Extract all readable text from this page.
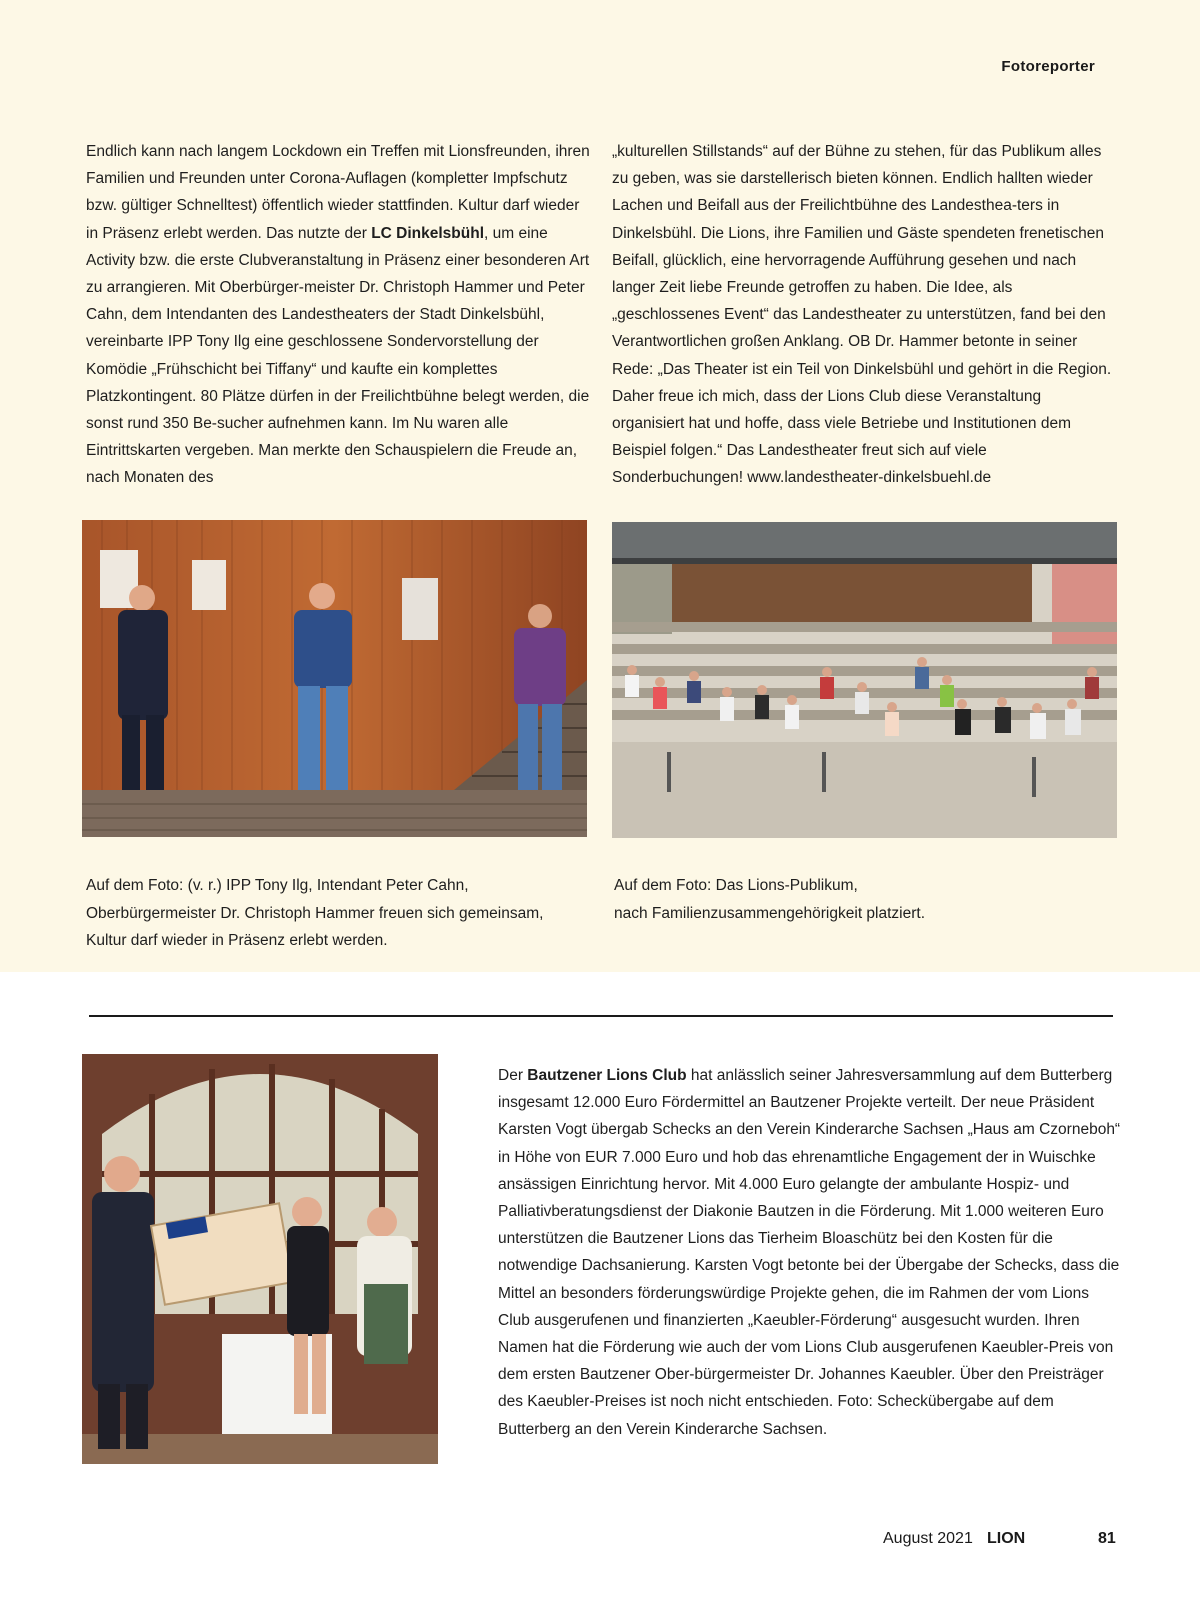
Fotoreporter

Endlich kann nach langem Lockdown ein Treffen mit Lionsfreunden, ihren Familien und Freunden unter Corona-Auflagen (kompletter Impfschutz bzw. gültiger Schnelltest) öffentlich wieder stattfinden. Kultur darf wieder in Präsenz erlebt werden. Das nutzte der LC Dinkelsbühl, um eine Activity bzw. die erste Clubveranstaltung in Präsenz einer besonderen Art zu arrangieren. Mit Oberbürger-meister Dr. Christoph Hammer und Peter Cahn, dem Intendanten des Landestheaters der Stadt Dinkelsbühl, vereinbarte IPP Tony Ilg eine geschlossene Sondervorstellung der Komödie „Frühschicht bei Tiffany“ und kaufte ein komplettes Platzkontingent. 80 Plätze dürfen in der Freilichtbühne belegt werden, die sonst rund 350 Be-sucher aufnehmen kann. Im Nu waren alle Eintrittskarten vergeben. Man merkte den Schauspielern die Freude an, nach Monaten des

„kulturellen Stillstands“ auf der Bühne zu stehen, für das Publikum alles zu geben, was sie darstellerisch bieten können. Endlich hallten wieder Lachen und Beifall aus der Freilichtbühne des Landesthea-ters in Dinkelsbühl. Die Lions, ihre Familien und Gäste spendeten frenetischen Beifall, glücklich, eine hervorragende Aufführung gesehen und nach langer Zeit liebe Freunde getroffen zu haben. Die Idee, als „geschlossenes Event“ das Landestheater zu unterstützen, fand bei den Verantwortlichen großen Anklang. OB Dr. Hammer betonte in seiner Rede: „Das Theater ist ein Teil von Dinkelsbühl und gehört in die Region. Daher freue ich mich, dass der Lions Club diese Veranstaltung organisiert hat und hoffe, dass viele Betriebe und Institutionen dem Beispiel folgen.“ Das Landestheater freut sich auf viele Sonderbuchungen! www.landestheater-dinkelsbuehl.de

Auf dem Foto: (v. r.) IPP Tony Ilg, Intendant Peter Cahn,

Oberbürgermeister Dr. Christoph Hammer freuen sich gemeinsam,

Kultur darf wieder in Präsenz erlebt werden.

Auf dem Foto: Das Lions-Publikum,

nach Familienzusammengehörigkeit platziert.

Der Bautzener Lions Club hat anlässlich seiner Jahresversammlung auf dem Butterberg insgesamt 12.000 Euro Fördermittel an Bautzener Projekte verteilt. Der neue Präsident Karsten Vogt übergab Schecks an den Verein Kinderarche Sachsen „Haus am Czorneboh“ in Höhe von EUR 7.000 Euro und hob das ehrenamtliche Engagement der in Wuischke ansässigen Einrichtung hervor. Mit 4.000 Euro gelangte der ambulante Hospiz- und Palliativberatungsdienst der Diakonie Bautzen in die Förderung. Mit 1.000 weiteren Euro unterstützen die Bautzener Lions das Tierheim Bloaschütz bei den Kosten für die notwendige Dachsanierung. Karsten Vogt betonte bei der Übergabe der Schecks, dass die Mittel an besonders förderungswürdige Projekte gehen, die im Rahmen der vom Lions Club ausgerufenen und finanzierten „Kaeubler-Förderung“ ausgesucht wurden. Ihren Namen hat die Förderung wie auch der vom Lions Club ausgerufenen Kaeubler-Preis von dem ersten Bautzener Ober-bürgermeister Dr. Johannes Kaeubler. Über den Preisträger des Kaeubler-Preises ist noch nicht entschieden. Foto: Scheckübergabe auf dem Butterberg an den Verein Kinderarche Sachsen.

August 2021 LION	81
